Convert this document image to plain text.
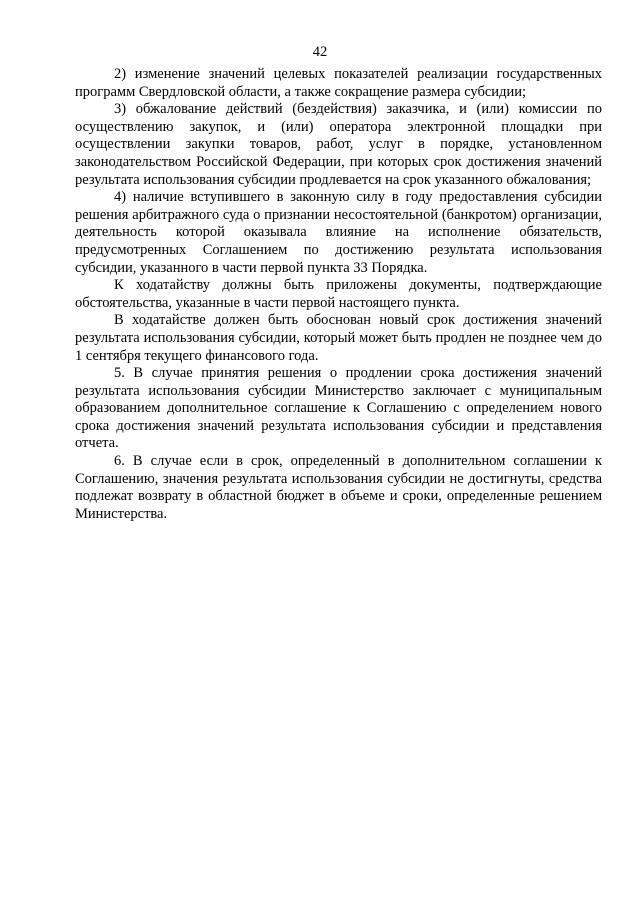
42

2) изменение значений целевых показателей реализации государственных программ Свердловской области, а также сокращение размера субсидии;

3) обжалование действий (бездействия) заказчика, и (или) комиссии по осуществлению закупок, и (или) оператора электронной площадки при осуществлении закупки товаров, работ, услуг в порядке, установленном законодательством Российской Федерации, при которых срок достижения значений результата использования субсидии продлевается на срок указанного обжалования;

4) наличие вступившего в законную силу в году предоставления субсидии решения арбитражного суда о признании несостоятельной (банкротом) организации, деятельность которой оказывала влияние на исполнение обязательств, предусмотренных Соглашением по достижению результата использования субсидии, указанного в части первой пункта 33 Порядка.

К ходатайству должны быть приложены документы, подтверждающие обстоятельства, указанные в части первой настоящего пункта.

В ходатайстве должен быть обоснован новый срок достижения значений результата использования субсидии, который может быть продлен не позднее чем до 1 сентября текущего финансового года.

5. В случае принятия решения о продлении срока достижения значений результата использования субсидии Министерство заключает с муниципальным образованием дополнительное соглашение к Соглашению с определением нового срока достижения значений результата использования субсидии и представления отчета.

6. В случае если в срок, определенный в дополнительном соглашении к Соглашению, значения результата использования субсидии не достигнуты, средства подлежат возврату в областной бюджет в объеме и сроки, определенные решением Министерства.
